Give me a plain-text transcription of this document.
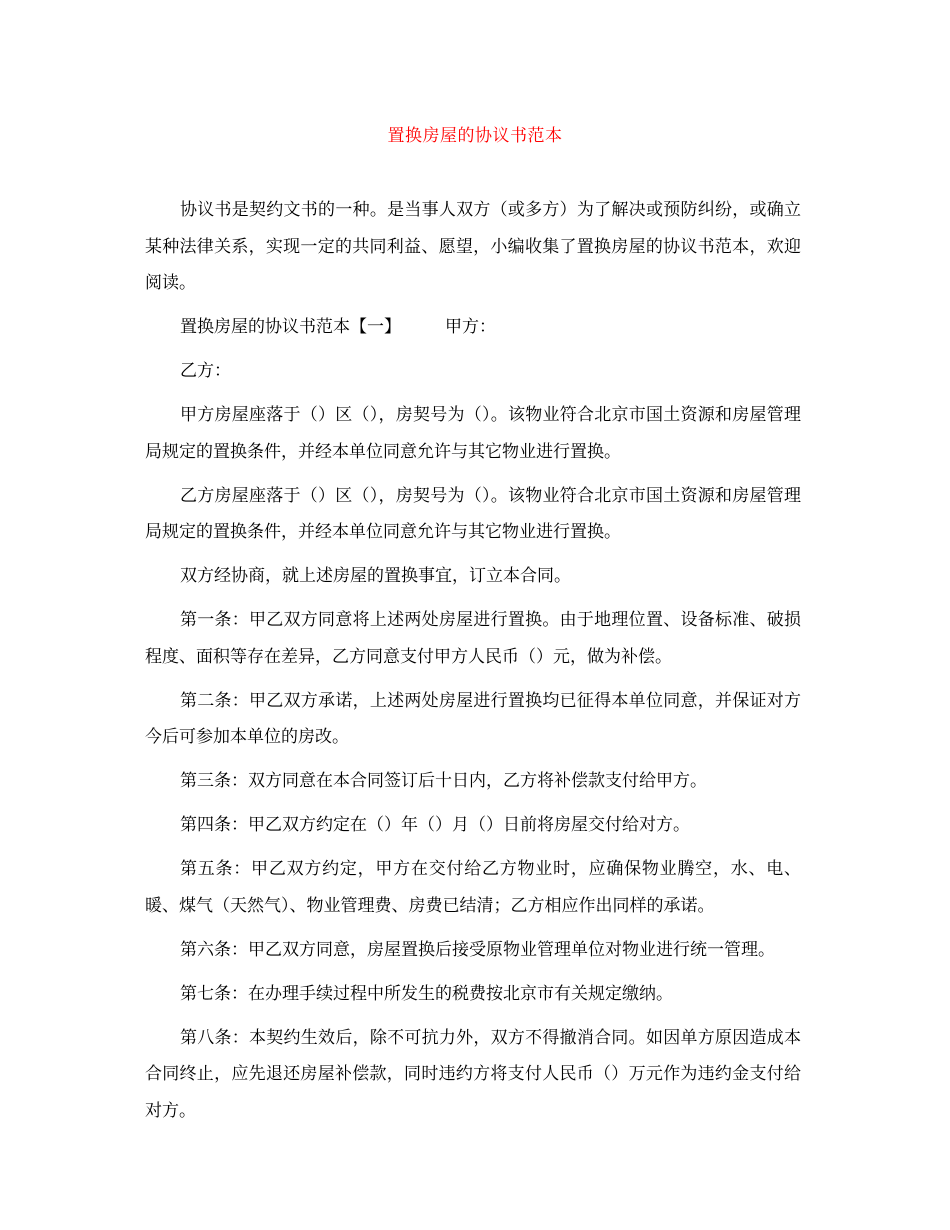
置换房屋的协议书范本

协议书是契约文书的一种。是当事人双方（或多方）为了解决或预防纠纷，或确立某种法律关系，实现一定的共同利益、愿望，小编收集了置换房屋的协议书范本，欢迎阅读。

置换房屋的协议书范本【一】	甲方：

乙方：

甲方房屋座落于（）区（），房契号为（）。该物业符合北京市国土资源和房屋管理局规定的置换条件，并经本单位同意允许与其它物业进行置换。

乙方房屋座落于（）区（），房契号为（）。该物业符合北京市国土资源和房屋管理局规定的置换条件，并经本单位同意允许与其它物业进行置换。

双方经协商，就上述房屋的置换事宜，订立本合同。

第一条：甲乙双方同意将上述两处房屋进行置换。由于地理位置、设备标准、破损程度、面积等存在差异，乙方同意支付甲方人民币（）元，做为补偿。

第二条：甲乙双方承诺，上述两处房屋进行置换均已征得本单位同意，并保证对方今后可参加本单位的房改。

第三条：双方同意在本合同签订后十日内，乙方将补偿款支付给甲方。

第四条：甲乙双方约定在（）年（）月（）日前将房屋交付给对方。

第五条：甲乙双方约定，甲方在交付给乙方物业时，应确保物业腾空，水、电、暖、煤气（天然气）、物业管理费、房费已结清；乙方相应作出同样的承诺。

第六条：甲乙双方同意，房屋置换后接受原物业管理单位对物业进行统一管理。

第七条：在办理手续过程中所发生的税费按北京市有关规定缴纳。

第八条：本契约生效后，除不可抗力外，双方不得撤消合同。如因单方原因造成本合同终止，应先退还房屋补偿款，同时违约方将支付人民币（）万元作为违约金支付给对方。
